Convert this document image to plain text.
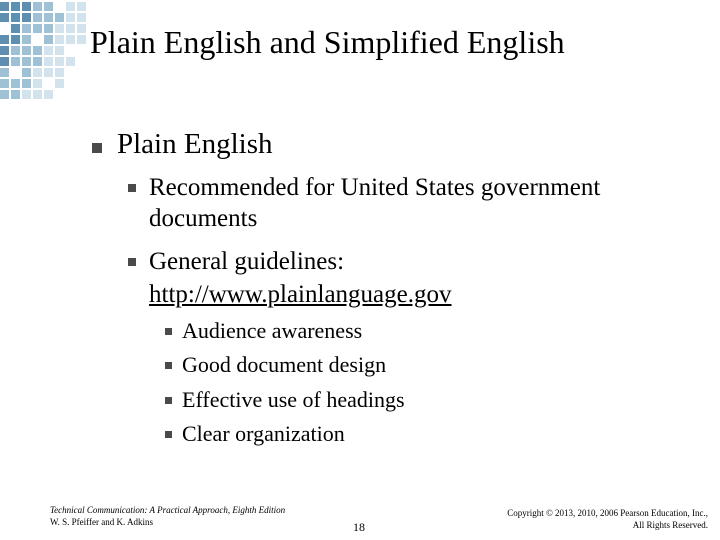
Plain English and Simplified English

Plain English

Recommended for United States government

documents

General guidelines:

http://www.plainlanguage.gov

Audience awareness

Good document design

Effective use of headings

Clear organization

Technical Communication: A Practical Approach, Eighth Edition
W. S. Pfeiffer and K. Adkins	18
Copyright © 2013, 2010, 2006 Pearson Education, Inc.,
All Rights Reserved.
